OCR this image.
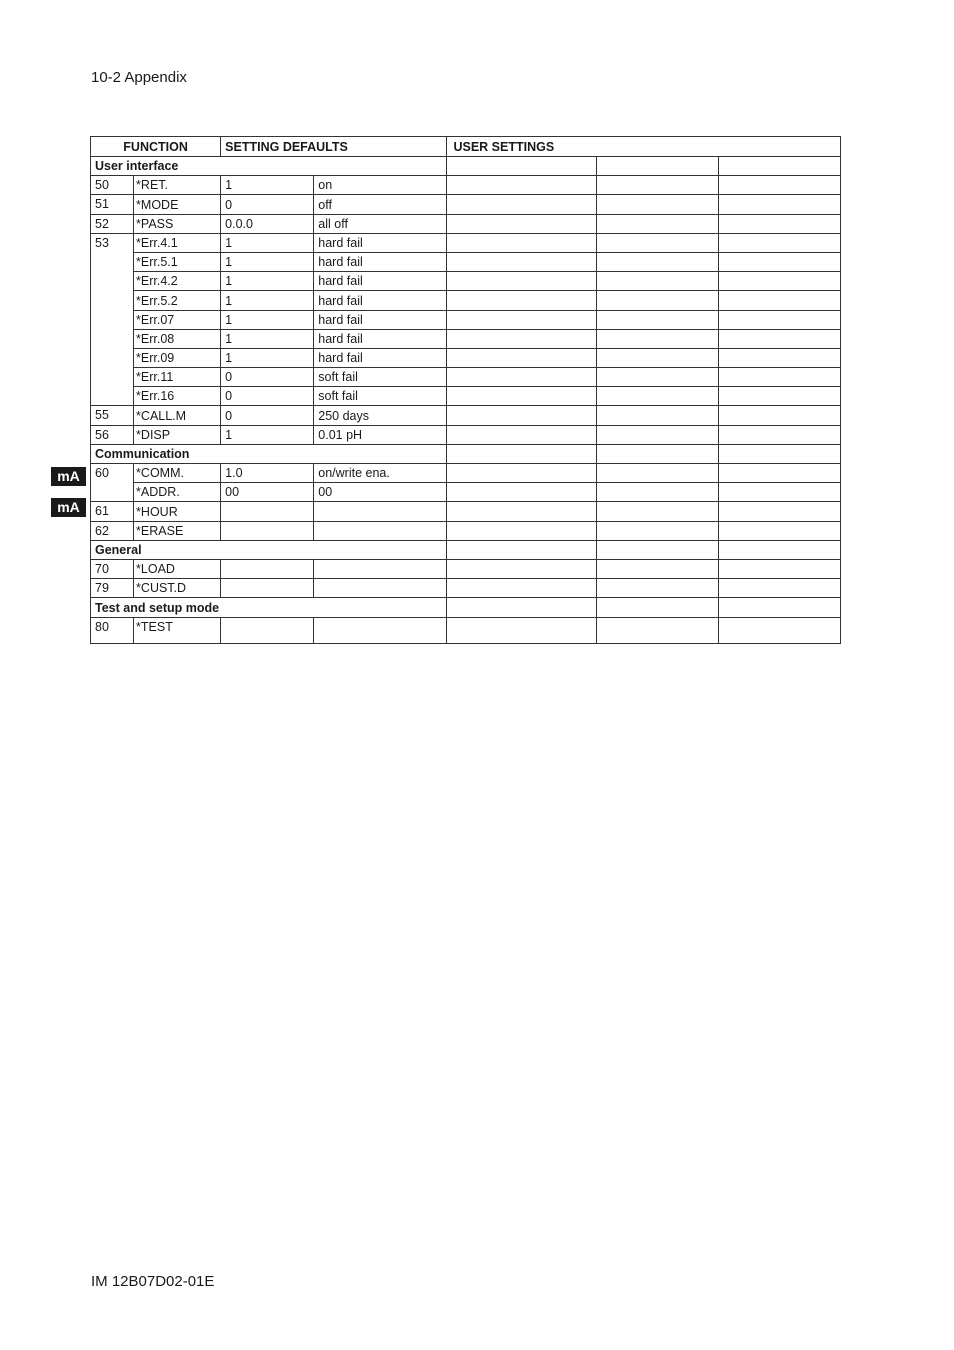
10-2 Appendix
mA
mA
FUNCTION		SETTING DEFAULTS		USER SETTINGS		
User interface						
50	*RET.	1	on			
51	*MODE	0	off			
52	*PASS	0.0.0	all off			
53	*Err.4.1	1	hard fail			
	*Err.5.1	1	hard fail			
	*Err.4.2	1	hard fail			
	*Err.5.2	1	hard fail			
	*Err.07	1	hard fail			
	*Err.08	1	hard fail			
	*Err.09	1	hard fail			
	*Err.11	0	soft fail			
	*Err.16	0	soft fail			
55	*CALL.M	0	250 days			
56	*DISP	1	0.01 pH			
Communication						
60	*COMM.	1.0	on/write ena.			
	*ADDR.	00	00			
61	*HOUR					
62	*ERASE					
General						
70	*LOAD					
79	*CUST.D					
Test and setup mode						
80	*TEST					
IM 12B07D02-01E
